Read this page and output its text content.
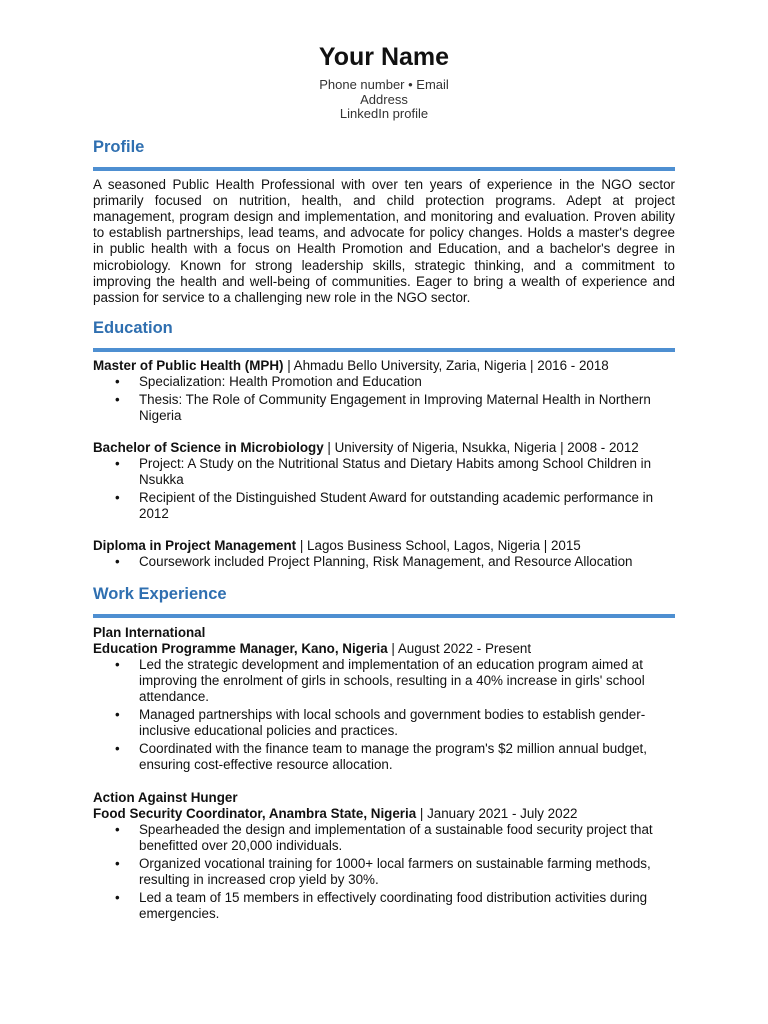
Your Name
Phone number • Email
Address
LinkedIn profile
Profile

A seasoned Public Health Professional with over ten years of experience in the NGO sector primarily focused on nutrition, health, and child protection programs. Adept at project management, program design and implementation, and monitoring and evaluation. Proven ability to establish partnerships, lead teams, and advocate for policy changes. Holds a master's degree in public health with a focus on Health Promotion and Education, and a bachelor's degree in microbiology. Known for strong leadership skills, strategic thinking, and a commitment to improving the health and well-being of communities. Eager to bring a wealth of experience and passion for service to a challenging new role in the NGO sector.

Education
Master of Public Health (MPH) | Ahmadu Bello University, Zaria, Nigeria | 2016 - 2018
• Specialization: Health Promotion and Education
• Thesis: The Role of Community Engagement in Improving Maternal Health in Northern Nigeria
Bachelor of Science in Microbiology | University of Nigeria, Nsukka, Nigeria | 2008 - 2012
• Project: A Study on the Nutritional Status and Dietary Habits among School Children in Nsukka
• Recipient of the Distinguished Student Award for outstanding academic performance in 2012
Diploma in Project Management | Lagos Business School, Lagos, Nigeria | 2015
• Coursework included Project Planning, Risk Management, and Resource Allocation
Work Experience
Plan International
Education Programme Manager, Kano, Nigeria | August 2022 - Present
• Led the strategic development and implementation of an education program aimed at improving the enrolment of girls in schools, resulting in a 40% increase in girls' school attendance.
• Managed partnerships with local schools and government bodies to establish gender-inclusive educational policies and practices.
• Coordinated with the finance team to manage the program's $2 million annual budget, ensuring cost-effective resource allocation.
Action Against Hunger
Food Security Coordinator, Anambra State, Nigeria | January 2021 - July 2022
• Spearheaded the design and implementation of a sustainable food security project that benefitted over 20,000 individuals.
• Organized vocational training for 1000+ local farmers on sustainable farming methods, resulting in increased crop yield by 30%.
• Led a team of 15 members in effectively coordinating food distribution activities during emergencies.
